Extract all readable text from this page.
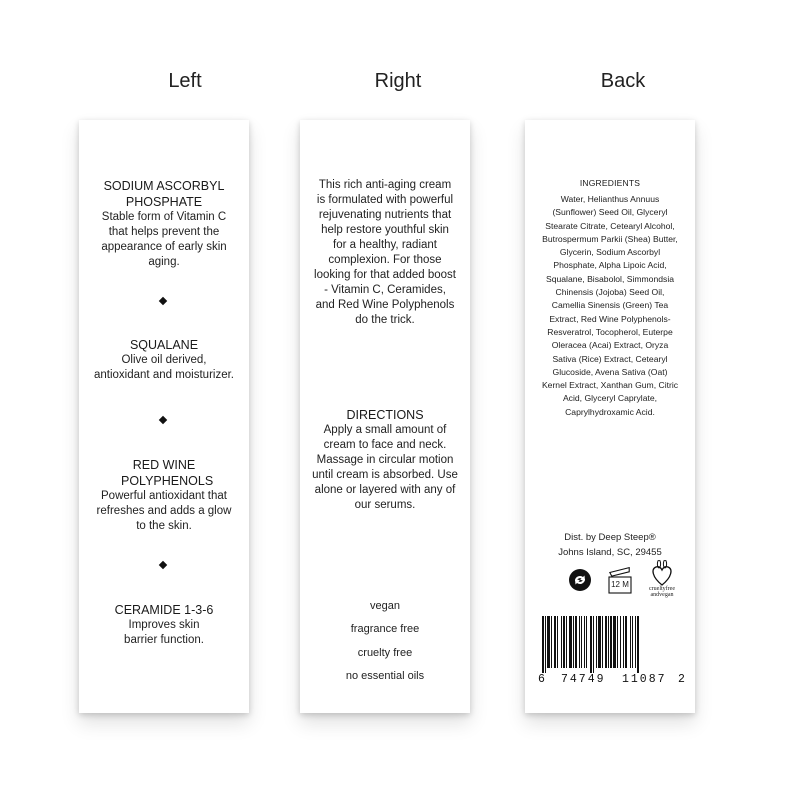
Left	Right	Back
SODIUM ASCORBYL PHOSPHATE
Stable form of Vitamin C that helps prevent the appearance of early skin aging.
SQUALANE
Olive oil derived, antioxidant and moisturizer.
RED WINE POLYPHENOLS
Powerful antioxidant that refreshes and adds a glow to the skin.
CERAMIDE 1-3-6
Improves skin barrier function.
This rich anti-aging cream is formulated with powerful rejuvenating nutrients that help restore youthful skin for a healthy, radiant complexion. For those looking for that added boost - Vitamin C, Ceramides, and Red Wine Polyphenols do the trick.
DIRECTIONS
Apply a small amount of cream to face and neck. Massage in circular motion until cream is absorbed. Use alone or layered with any of our serums.
vegan
fragrance free
cruelty free
no essential oils
INGREDIENTS
Water, Helianthus Annuus (Sunflower) Seed Oil, Glyceryl Stearate Citrate, Cetearyl Alcohol, Butrospermum Parkii (Shea) Butter, Glycerin, Sodium Ascorbyl Phosphate, Alpha Lipoic Acid, Squalane, Bisabolol, Simmondsia Chinensis (Jojoba) Seed Oil, Camellia Sinensis (Green) Tea Extract, Red Wine Polyphenols-Resveratrol, Tocopherol, Euterpe Oleracea (Acai) Extract, Oryza Sativa (Rice) Extract, Cetearyl Glucoside, Avena Sativa (Oat) Kernel Extract, Xanthan Gum, Citric Acid, Glyceryl Caprylate, Caprylhydroxamic Acid.
Dist. by Deep Steep®
Johns Island, SC, 29455
12 M	crueltyfree
andvegan
6 74749 11087 2
